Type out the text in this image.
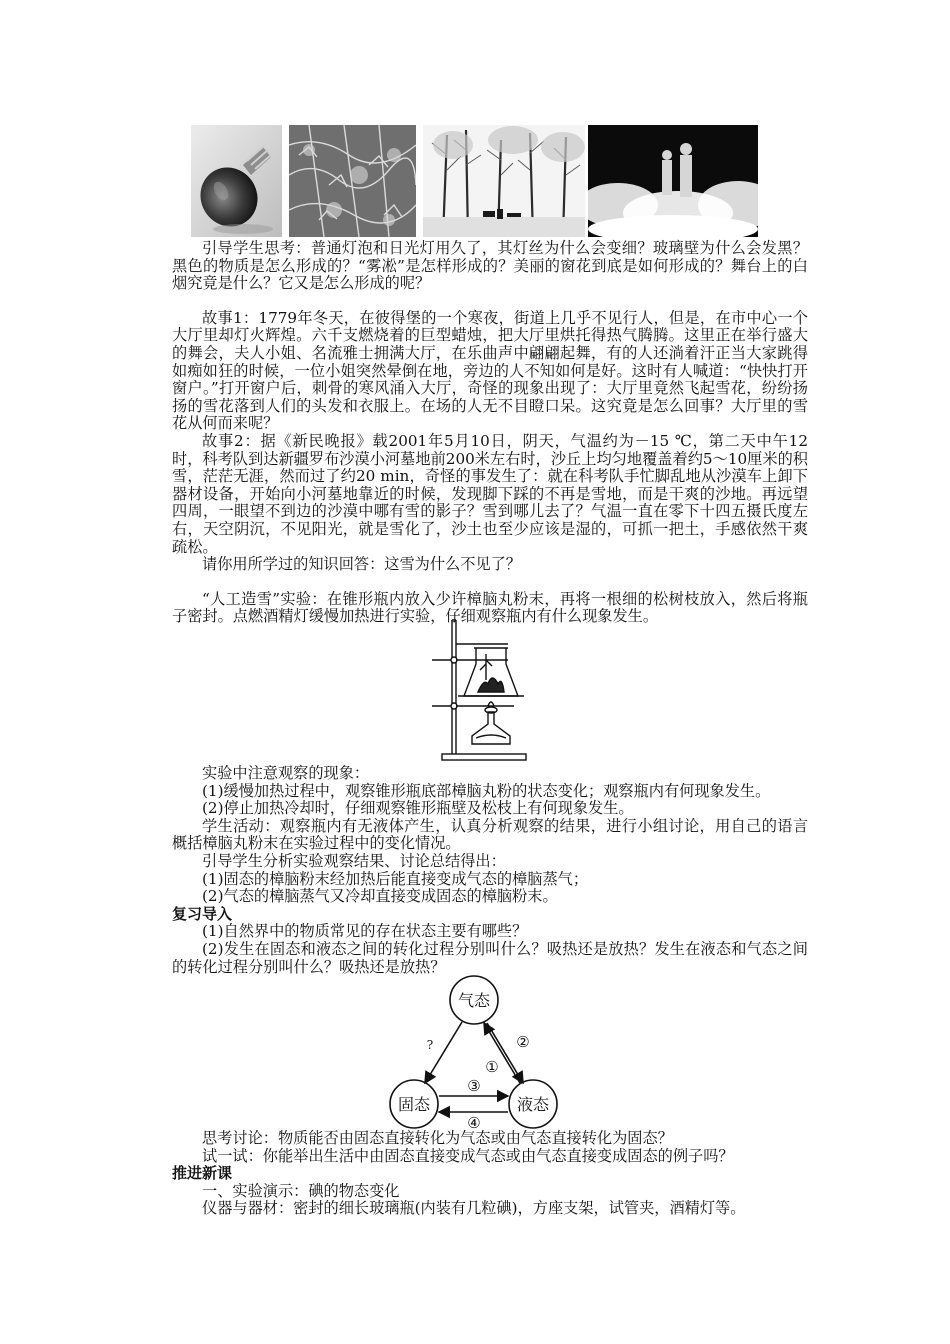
引导学生思考：普通灯泡和日光灯用久了，其灯丝为什么会变细？玻璃壁为什么会发黑？黑色的物质是怎么形成的？“雾凇”是怎样形成的？美丽的窗花到底是如何形成的？舞台上的白烟究竟是什么？它又是怎么形成的呢？

故事1：1779年冬天，在彼得堡的一个寒夜，街道上几乎不见行人，但是，在市中心一个大厅里却灯火辉煌。六千支燃烧着的巨型蜡烛，把大厅里烘托得热气腾腾。这里正在举行盛大的舞会，夫人小姐、名流雅士拥满大厅，在乐曲声中翩翩起舞，有的人还淌着汗正当大家跳得如痴如狂的时候，一位小姐突然晕倒在地，旁边的人不知如何是好。这时有人喊道：“快快打开窗户。”打开窗户后，刺骨的寒风涌入大厅，奇怪的现象出现了：大厅里竟然飞起雪花，纷纷扬扬的雪花落到人们的头发和衣服上。在场的人无不目瞪口呆。这究竟是怎么回事？大厅里的雪花从何而来呢？

故事2：据《新民晚报》载2001年5月10日，阴天，气温约为－15 ℃，第二天中午12时，科考队到达新疆罗布沙漠小河墓地前200米左右时，沙丘上均匀地覆盖着约5～10厘米的积雪，茫茫无涯，然而过了约20 min，奇怪的事发生了：就在科考队手忙脚乱地从沙漠车上卸下器材设备，开始向小河墓地靠近的时候，发现脚下踩的不再是雪地，而是干爽的沙地。再远望四周，一眼望不到边的沙漠中哪有雪的影子？雪到哪儿去了？气温一直在零下十四五摄氏度左右，天空阴沉，不见阳光，就是雪化了，沙土也至少应该是湿的，可抓一把土，手感依然干爽疏松。

请你用所学过的知识回答：这雪为什么不见了？

“人工造雪”实验：在锥形瓶内放入少许樟脑丸粉末，再将一根细的松树枝放入，然后将瓶子密封。点燃酒精灯缓慢加热进行实验，仔细观察瓶内有什么现象发生。

实验中注意观察的现象：

(1)缓慢加热过程中，观察锥形瓶底部樟脑丸粉的状态变化；观察瓶内有何现象发生。

(2)停止加热冷却时，仔细观察锥形瓶壁及松枝上有何现象发生。

学生活动：观察瓶内有无液体产生，认真分析观察的结果，进行小组讨论，用自己的语言概括樟脑丸粉末在实验过程中的变化情况。

引导学生分析实验观察结果、讨论总结得出：

(1)固态的樟脑粉末经加热后能直接变成气态的樟脑蒸气；

(2)气态的樟脑蒸气又冷却直接变成固态的樟脑粉末。

复习导入

(1)自然界中的物质常见的存在状态主要有哪些？

(2)发生在固态和液态之间的转化过程分别叫什么？吸热还是放热？发生在液态和气态之间的转化过程分别叫什么？吸热还是放热？

气态
固态	液态
?
①
②
③
④

思考讨论：物质能否由固态直接转化为气态或由气态直接转化为固态？

试一试：你能举出生活中由固态直接变成气态或由气态直接变成固态的例子吗？

推进新课

一、实验演示：碘的物态变化

仪器与器材：密封的细长玻璃瓶(内装有几粒碘)，方座支架，试管夹，酒精灯等。
